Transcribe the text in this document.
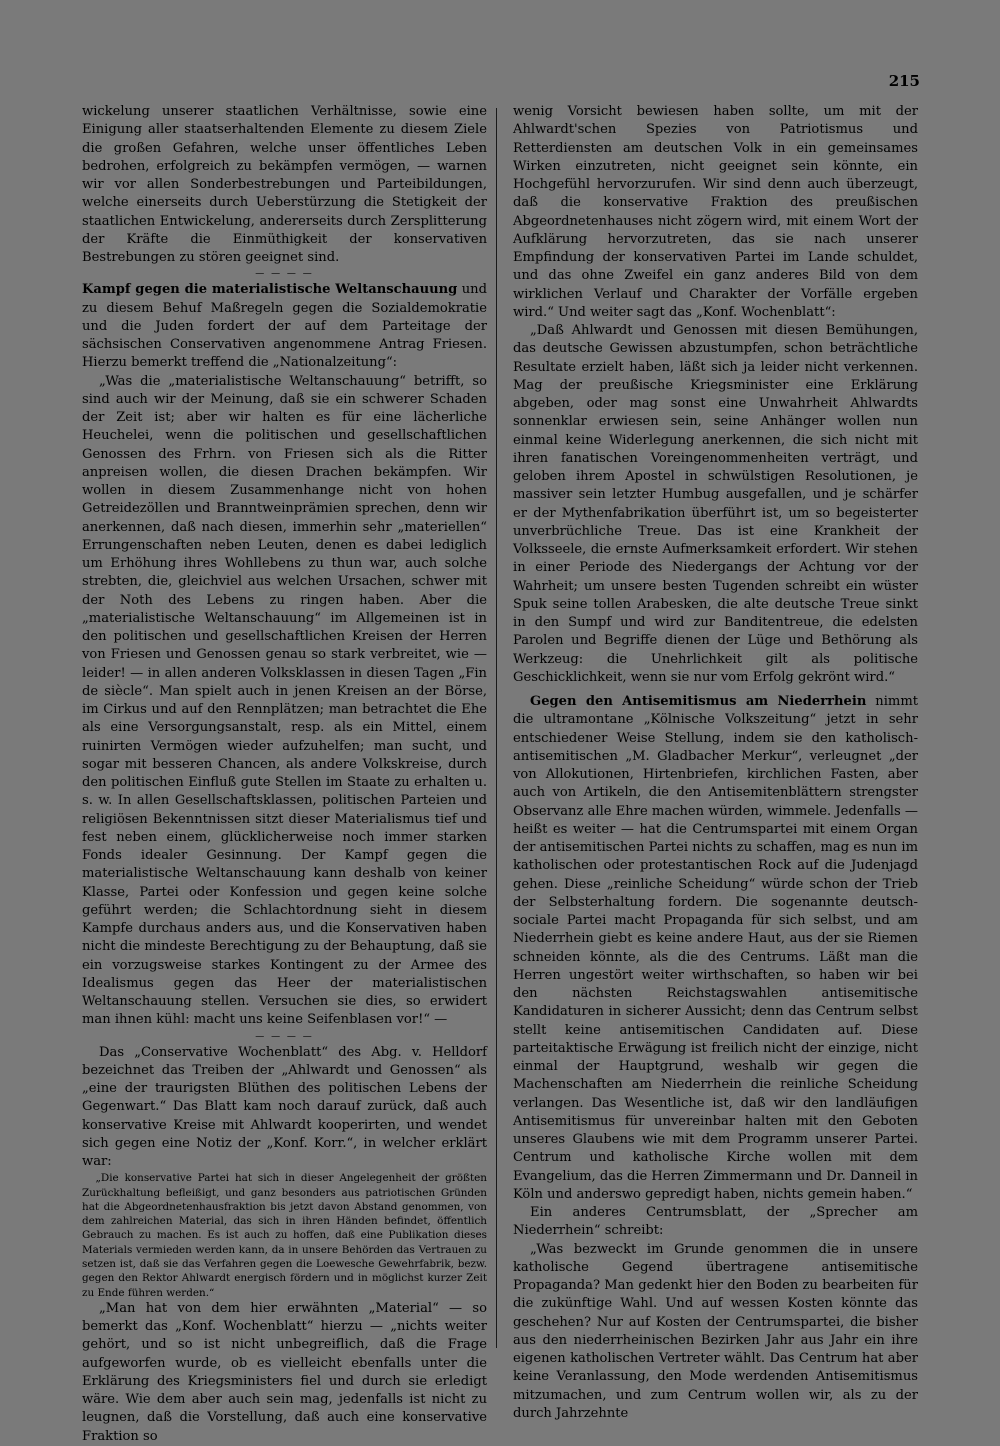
215

wickelung unserer staatlichen Verhältnisse, sowie eine Einigung aller staatserhaltenden Elemente zu diesem Ziele die großen Gefahren, welche unser öffentliches Leben bedrohen, erfolgreich zu bekämpfen vermögen, — warnen wir vor allen Sonderbestrebungen und Parteibildungen, welche einerseits durch Ueberstürzung die Stetigkeit der staatlichen Entwickelung, andererseits durch Zersplitterung der Kräfte die Einmüthigkeit der konservativen Bestrebungen zu stören geeignet sind.

— — — —

Kampf gegen die materialistische Weltanschauung und zu diesem Behuf Maßregeln gegen die Sozialdemokratie und die Juden fordert der auf dem Parteitage der sächsischen Conservativen angenommene Antrag Friesen. Hierzu bemerkt treffend die „Nationalzeitung“:

„Was die „materialistische Weltanschauung“ betrifft, so sind auch wir der Meinung, daß sie ein schwerer Schaden der Zeit ist; aber wir halten es für eine lächerliche Heuchelei, wenn die politischen und gesellschaftlichen Genossen des Frhrn. von Friesen sich als die Ritter anpreisen wollen, die diesen Drachen bekämpfen. Wir wollen in diesem Zusammenhange nicht von hohen Getreidezöllen und Branntweinprämien sprechen, denn wir anerkennen, daß nach diesen, immerhin sehr „materiellen“ Errungenschaften neben Leuten, denen es dabei lediglich um Erhöhung ihres Wohllebens zu thun war, auch solche strebten, die, gleichviel aus welchen Ursachen, schwer mit der Noth des Lebens zu ringen haben. Aber die „materialistische Weltanschauung“ im Allgemeinen ist in den politischen und gesellschaftlichen Kreisen der Herren von Friesen und Genossen genau so stark verbreitet, wie — leider! — in allen anderen Volksklassen in diesen Tagen „Fin de siècle“. Man spielt auch in jenen Kreisen an der Börse, im Cirkus und auf den Rennplätzen; man betrachtet die Ehe als eine Versorgungsanstalt, resp. als ein Mittel, einem ruinirten Vermögen wieder aufzuhelfen; man sucht, und sogar mit besseren Chancen, als andere Volkskreise, durch den politischen Einfluß gute Stellen im Staate zu erhalten u. s. w. In allen Gesellschaftsklassen, politischen Parteien und religiösen Bekenntnissen sitzt dieser Materialismus tief und fest neben einem, glücklicherweise noch immer starken Fonds idealer Gesinnung. Der Kampf gegen die materialistische Weltanschauung kann deshalb von keiner Klasse, Partei oder Konfession und gegen keine solche geführt werden; die Schlachtordnung sieht in diesem Kampfe durchaus anders aus, und die Konservativen haben nicht die mindeste Berechtigung zu der Behauptung, daß sie ein vorzugsweise starkes Kontingent zu der Armee des Idealismus gegen das Heer der materialistischen Weltanschauung stellen. Versuchen sie dies, so erwidert man ihnen kühl: macht uns keine Seifenblasen vor!“ —

— — — —

Das „Conservative Wochenblatt“ des Abg. v. Helldorf bezeichnet das Treiben der „Ahlwardt und Genossen“ als „eine der traurigsten Blüthen des politischen Lebens der Gegenwart.“ Das Blatt kam noch darauf zurück, daß auch konservative Kreise mit Ahlwardt kooperirten, und wendet sich gegen eine Notiz der „Konf. Korr.“, in welcher erklärt war:

„Die konservative Partei hat sich in dieser Angelegenheit der größten Zurückhaltung befleißigt, und ganz besonders aus patriotischen Gründen hat die Abgeordnetenhausfraktion bis jetzt davon Abstand genommen, von dem zahlreichen Material, das sich in ihren Händen befindet, öffentlich Gebrauch zu machen. Es ist auch zu hoffen, daß eine Publikation dieses Materials vermieden werden kann, da in unsere Behörden das Vertrauen zu setzen ist, daß sie das Verfahren gegen die Loewesche Gewehrfabrik, bezw. gegen den Rektor Ahlwardt energisch fördern und in möglichst kurzer Zeit zu Ende führen werden.“

„Man hat von dem hier erwähnten „Material“ — so bemerkt das „Konf. Wochenblatt“ hierzu — „nichts weiter gehört, und so ist nicht unbegreiflich, daß die Frage aufgeworfen wurde, ob es vielleicht ebenfalls unter die Erklärung des Kriegsministers fiel und durch sie erledigt wäre. Wie dem aber auch sein mag, jedenfalls ist nicht zu leugnen, daß die Vorstellung, daß auch eine konservative Fraktion so

wenig Vorsicht bewiesen haben sollte, um mit der Ahlwardt'schen Spezies von Patriotismus und Retterdiensten am deutschen Volk in ein gemeinsames Wirken einzutreten, nicht geeignet sein könnte, ein Hochgefühl hervorzurufen. Wir sind denn auch überzeugt, daß die konservative Fraktion des preußischen Abgeordnetenhauses nicht zögern wird, mit einem Wort der Aufklärung hervorzutreten, das sie nach unserer Empfindung der konservativen Partei im Lande schuldet, und das ohne Zweifel ein ganz anderes Bild von dem wirklichen Verlauf und Charakter der Vorfälle ergeben wird.“ Und weiter sagt das „Konf. Wochenblatt“:

„Daß Ahlwardt und Genossen mit diesen Bemühungen, das deutsche Gewissen abzustumpfen, schon beträchtliche Resultate erzielt haben, läßt sich ja leider nicht verkennen. Mag der preußische Kriegsminister eine Erklärung abgeben, oder mag sonst eine Unwahrheit Ahlwardts sonnenklar erwiesen sein, seine Anhänger wollen nun einmal keine Widerlegung anerkennen, die sich nicht mit ihren fanatischen Voreingenommenheiten verträgt, und geloben ihrem Apostel in schwülstigen Resolutionen, je massiver sein letzter Humbug ausgefallen, und je schärfer er der Mythenfabrikation überführt ist, um so begeisterter unverbrüchliche Treue. Das ist eine Krankheit der Volksseele, die ernste Aufmerksamkeit erfordert. Wir stehen in einer Periode des Niedergangs der Achtung vor der Wahrheit; um unsere besten Tugenden schreibt ein wüster Spuk seine tollen Arabesken, die alte deutsche Treue sinkt in den Sumpf und wird zur Banditentreue, die edelsten Parolen und Begriffe dienen der Lüge und Bethörung als Werkzeug: die Unehrlichkeit gilt als politische Geschicklichkeit, wenn sie nur vom Erfolg gekrönt wird.“

Gegen den Antisemitismus am Niederrhein nimmt die ultramontane „Kölnische Volkszeitung“ jetzt in sehr entschiedener Weise Stellung, indem sie den katholisch-antisemitischen „M. Gladbacher Merkur“, verleugnet „der von Allokutionen, Hirtenbriefen, kirchlichen Fasten, aber auch von Artikeln, die den Antisemitenblättern strengster Observanz alle Ehre machen würden, wimmele. Jedenfalls — heißt es weiter — hat die Centrumspartei mit einem Organ der antisemitischen Partei nichts zu schaffen, mag es nun im katholischen oder protestantischen Rock auf die Judenjagd gehen. Diese „reinliche Scheidung“ würde schon der Trieb der Selbsterhaltung fordern. Die sogenannte deutsch-sociale Partei macht Propaganda für sich selbst, und am Niederrhein giebt es keine andere Haut, aus der sie Riemen schneiden könnte, als die des Centrums. Läßt man die Herren ungestört weiter wirthschaften, so haben wir bei den nächsten Reichstagswahlen antisemitische Kandidaturen in sicherer Aussicht; denn das Centrum selbst stellt keine antisemitischen Candidaten auf. Diese parteitaktische Erwägung ist freilich nicht der einzige, nicht einmal der Hauptgrund, weshalb wir gegen die Machenschaften am Niederrhein die reinliche Scheidung verlangen. Das Wesentliche ist, daß wir den landläufigen Antisemitismus für unvereinbar halten mit den Geboten unseres Glaubens wie mit dem Programm unserer Partei. Centrum und katholische Kirche wollen mit dem Evangelium, das die Herren Zimmermann und Dr. Danneil in Köln und anderswo gepredigt haben, nichts gemein haben.“

Ein anderes Centrumsblatt, der „Sprecher am Niederrhein“ schreibt:

„Was bezweckt im Grunde genommen die in unsere katholische Gegend übertragene antisemitische Propaganda? Man gedenkt hier den Boden zu bearbeiten für die zukünftige Wahl. Und auf wessen Kosten könnte das geschehen? Nur auf Kosten der Centrumspartei, die bisher aus den niederrheinischen Bezirken Jahr aus Jahr ein ihre eigenen katholischen Vertreter wählt. Das Centrum hat aber keine Veranlassung, den Mode werdenden Antisemitismus mitzumachen, und zum Centrum wollen wir, als zu der durch Jahrzehnte
